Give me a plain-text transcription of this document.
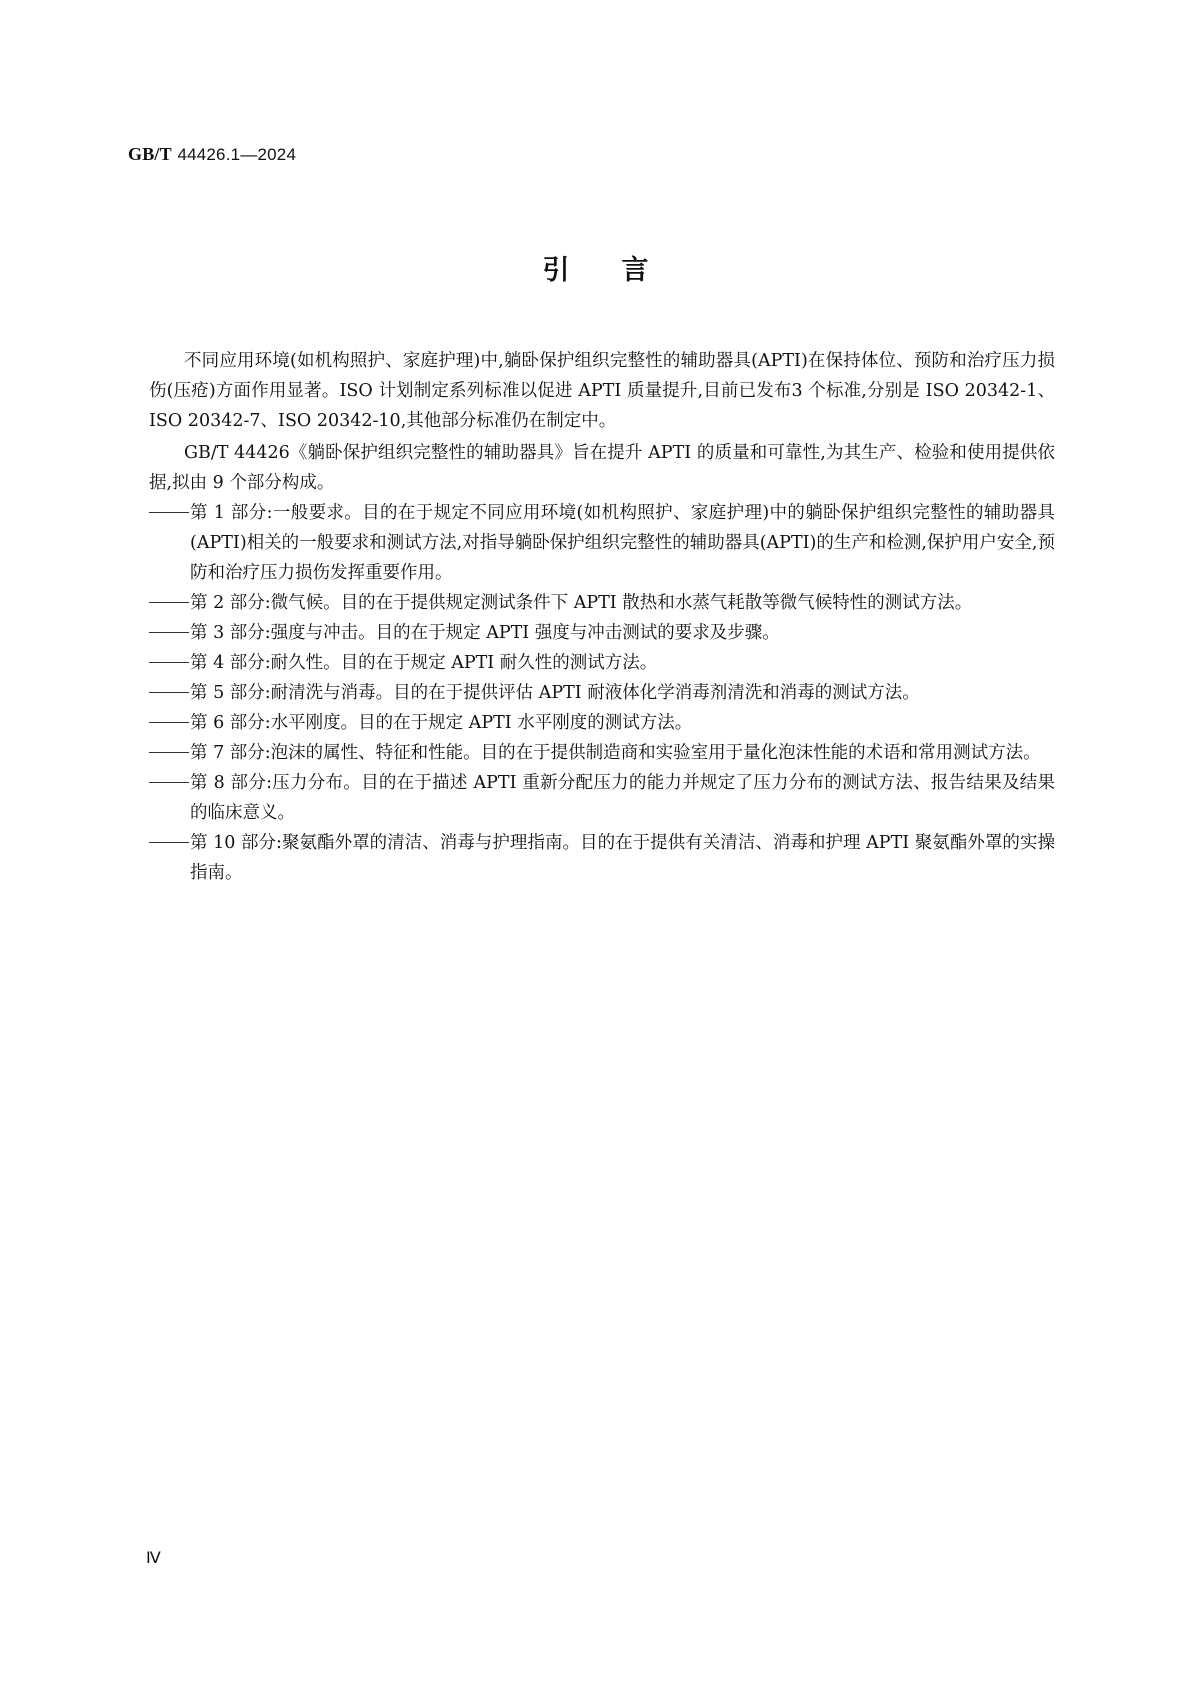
GB/T 44426.1—2024
引言

不同应用环境(如机构照护、家庭护理)中,躺卧保护组织完整性的辅助器具(APTI)在保持体位、预防和治疗压力损伤(压疮)方面作用显著。ISO 计划制定系列标准以促进 APTI 质量提升,目前已发布3 个标准,分别是 ISO 20342-1、ISO 20342-7、ISO 20342-10,其他部分标准仍在制定中。

GB/T 44426《躺卧保护组织完整性的辅助器具》旨在提升 APTI 的质量和可靠性,为其生产、检验和使用提供依据,拟由 9 个部分构成。

第 1 部分:一般要求。目的在于规定不同应用环境(如机构照护、家庭护理)中的躺卧保护组织完整性的辅助器具(APTI)相关的一般要求和测试方法,对指导躺卧保护组织完整性的辅助器具(APTI)的生产和检测,保护用户安全,预防和治疗压力损伤发挥重要作用。
第 2 部分:微气候。目的在于提供规定测试条件下 APTI 散热和水蒸气耗散等微气候特性的测试方法。
第 3 部分:强度与冲击。目的在于规定 APTI 强度与冲击测试的要求及步骤。
第 4 部分:耐久性。目的在于规定 APTI 耐久性的测试方法。
第 5 部分:耐清洗与消毒。目的在于提供评估 APTI 耐液体化学消毒剂清洗和消毒的测试方法。
第 6 部分:水平刚度。目的在于规定 APTI 水平刚度的测试方法。
第 7 部分:泡沫的属性、特征和性能。目的在于提供制造商和实验室用于量化泡沫性能的术语和常用测试方法。
第 8 部分:压力分布。目的在于描述 APTI 重新分配压力的能力并规定了压力分布的测试方法、报告结果及结果的临床意义。
第 10 部分:聚氨酯外罩的清洁、消毒与护理指南。目的在于提供有关清洁、消毒和护理 APTI 聚氨酯外罩的实操指南。
Ⅳ
